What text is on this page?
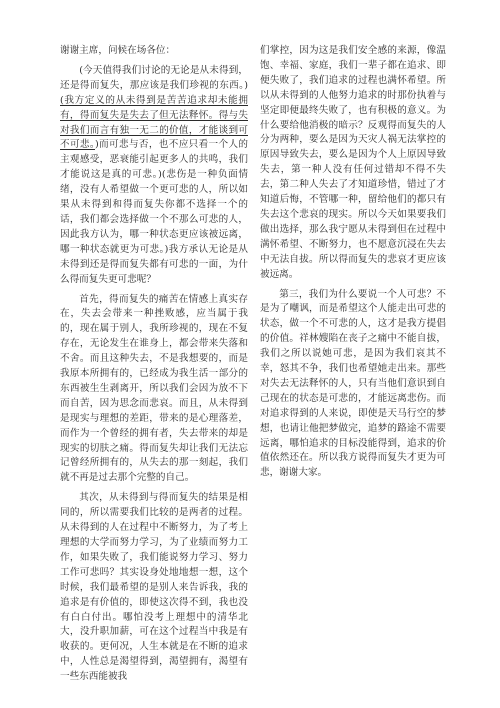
谢谢主席，问候在场各位：

(今天值得我们讨论的无论是从未得到，还是得而复失，那应该是我们珍视的东西。)(我方定义的从未得到是苦苦追求却未能拥有，得而复失是失去了但无法释怀。得与失对我们而言有独一无二的价值，才能谈到可不可悲。)而可悲与否，也不应只看一个人的主观感受，恶衰能引起更多人的共鸣，我们才能说这是真的可悲。)(悲伤是一种负面情绪，没有人希望做一个更可悲的人，所以如果从未得到和得而复失你都不选择一个的话，我们都会选择做一个不那么可悲的人，因此我方认为，哪一种状态更应该被远离，哪一种状态就更为可悲。)我方承认无论是从未得到还是得而复失都有可悲的一面，为什么得而复失更可悲呢？

首先，得而复失的痛苦在情感上真实存在，失去会带来一种挫败感，应当属于我的，现在属于别人，我所珍视的，现在不复存在，无论发生在谁身上，都会带来失落和不舍。而且这种失去，不是我想要的，而是我原本所拥有的，已经成为我生活一部分的东西被生生剥离开，所以我们会因为放不下而自苦，因为思念而悲哀。而且，从未得到是现实与理想的差距，带来的是心理落差，而作为一个曾经的拥有者，失去带来的却是现实的切肤之痛。得而复失却让我们无法忘记曾经所拥有的，从失去的那一刻起，我们就不再是过去那个完整的自己。

其次，从未得到与得而复失的结果是相同的，所以需要我们比较的是两者的过程。从未得到的人在过程中不断努力，为了考上理想的大学而努力学习，为了业绩而努力工作，如果失败了，我们能说努力学习、努力工作可悲吗？其实设身处地地想一想，这个时候，我们最希望的是别人来告诉我，我的追求是有价值的，即使这次得不到，我也没有白白付出。哪怕没考上理想中的清华北大，没升职加薪，可在这个过程当中我是有收获的。更何况，人生本就是在不断的追求中，人性总是渴望得到，渴望拥有，渴望有一些东西能被我

们掌控，因为这是我们安全感的来源，像温饱、幸福、家庭，我们一辈子都在追求、即便失败了，我们追求的过程也满怀希望。所以从未得到的人他努力追求的时那份执着与坚定即便最终失败了，也有积极的意义。为什么要给他消极的暗示？反观得而复失的人分为两种，要么是因为天灾人祸无法掌控的原因导致失去，要么是因为个人上原因导致失去，第一种人没有任何过错却不得不失去，第二种人失去了才知道珍惜，错过了才知道后悔，不管哪一种，留给他们的都只有失去这个悲哀的现实。所以今天如果要我们做出选择，那么我宁愿从未得到但在过程中满怀希望、不断努力，也不愿意沉浸在失去中无法自拔。所以得而复失的悲哀才更应该被远离。

第三，我们为什么要说一个人可悲？不是为了嘲讽，而是希望这个人能走出可悲的状态，做一个不可悲的人，这才是我方提倡的价值。祥林嫂陷在丧子之痛中不能自拔，我们之所以说她可悲，是因为我们哀其不幸，怒其不争，我们也希望她走出来。那些对失去无法释怀的人，只有当他们意识到自己现在的状态是可悲的，才能远离悲伤。而对追求得到的人来说，即使是天马行空的梦想，也请让他把梦做完，追梦的路途不需要远离，哪怕追求的目标没能得到，追求的价值依然还在。所以我方说得而复失才更为可悲，谢谢大家。
